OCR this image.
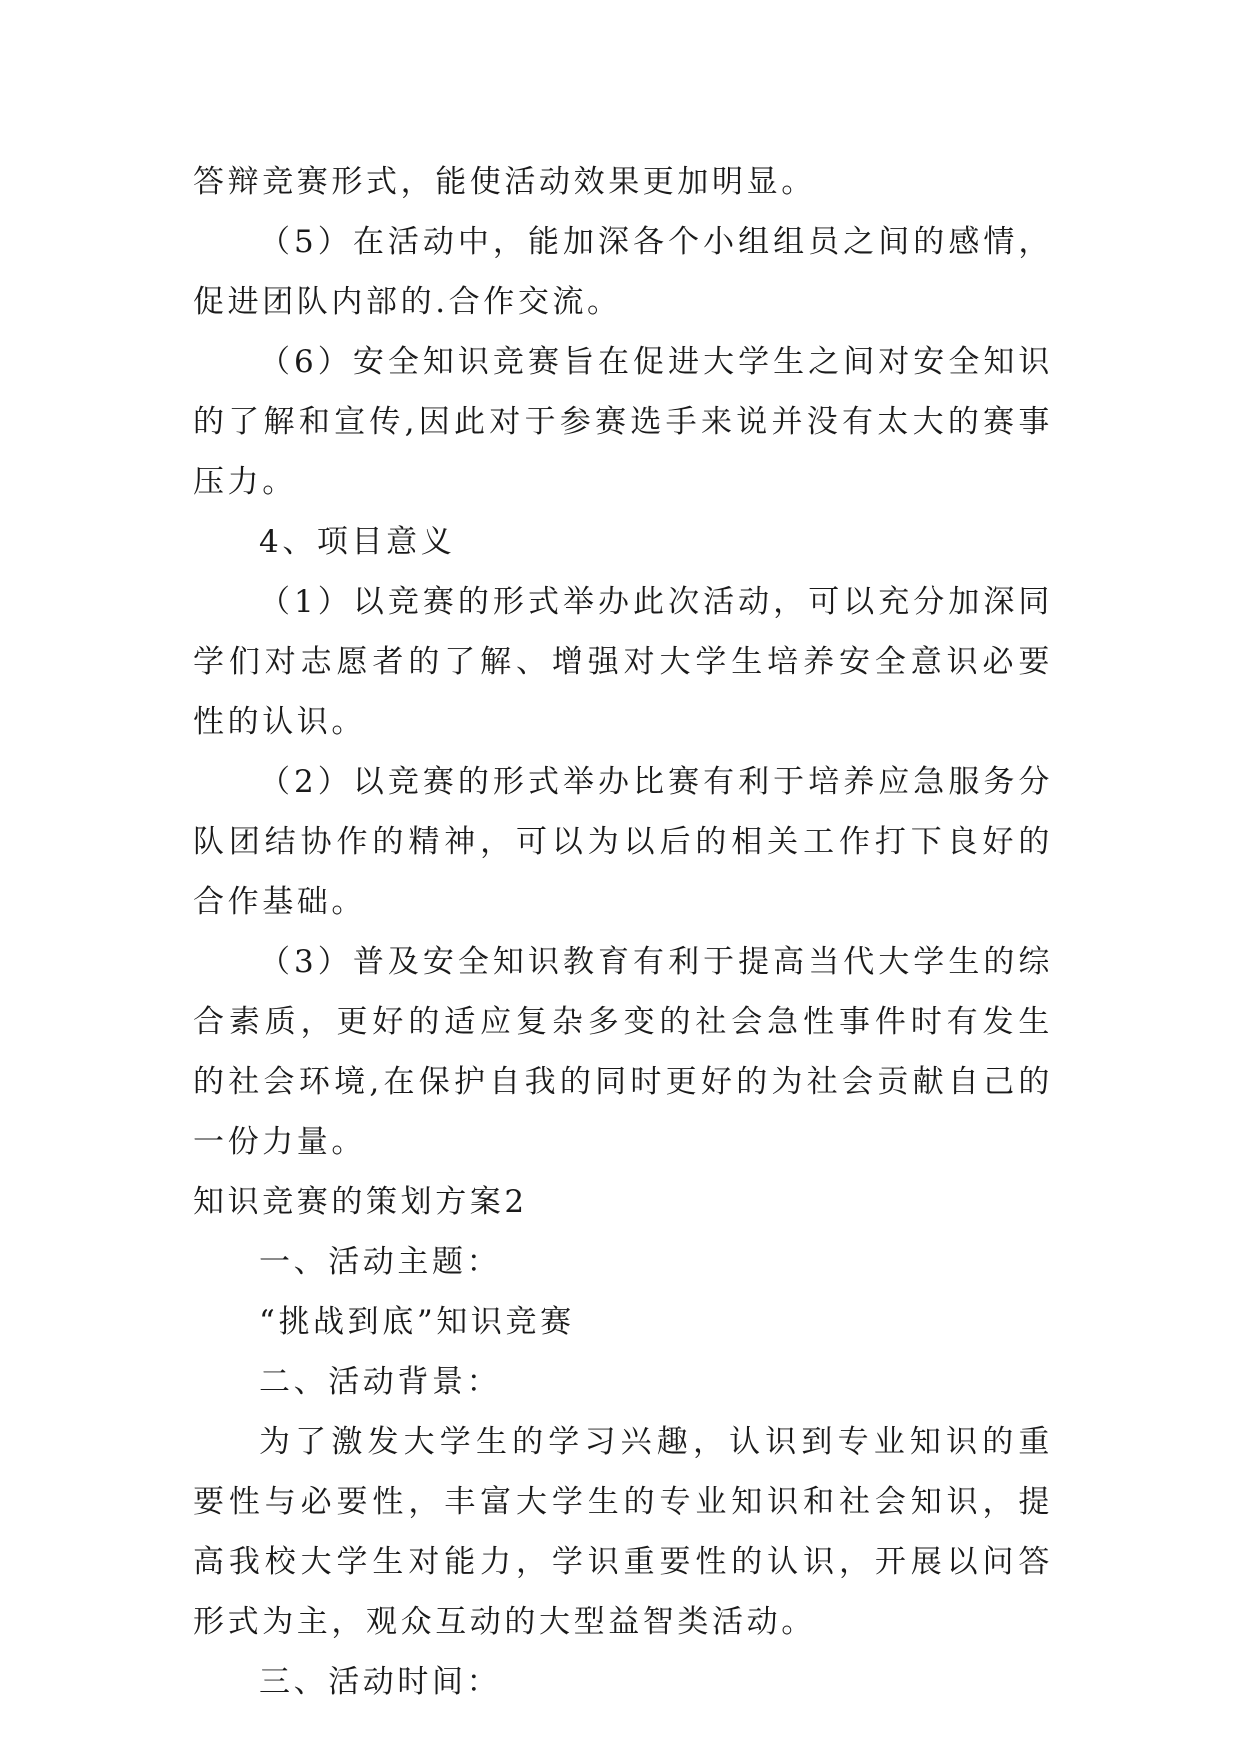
答辩竞赛形式，能使活动效果更加明显。

（5）在活动中，能加深各个小组组员之间的感情，促进团队内部的.合作交流。

（6）安全知识竞赛旨在促进大学生之间对安全知识的了解和宣传,因此对于参赛选手来说并没有太大的赛事压力。

4、项目意义

（1）以竞赛的形式举办此次活动，可以充分加深同学们对志愿者的了解、增强对大学生培养安全意识必要性的认识。

（2）以竞赛的形式举办比赛有利于培养应急服务分队团结协作的精神，可以为以后的相关工作打下良好的合作基础。

（3）普及安全知识教育有利于提高当代大学生的综合素质，更好的适应复杂多变的社会急性事件时有发生的社会环境,在保护自我的同时更好的为社会贡献自己的一份力量。

知识竞赛的策划方案2

一、活动主题：

“挑战到底”知识竞赛

二、活动背景：

为了激发大学生的学习兴趣，认识到专业知识的重要性与必要性，丰富大学生的专业知识和社会知识，提高我校大学生对能力，学识重要性的认识，开展以问答形式为主，观众互动的大型益智类活动。

三、活动时间：
